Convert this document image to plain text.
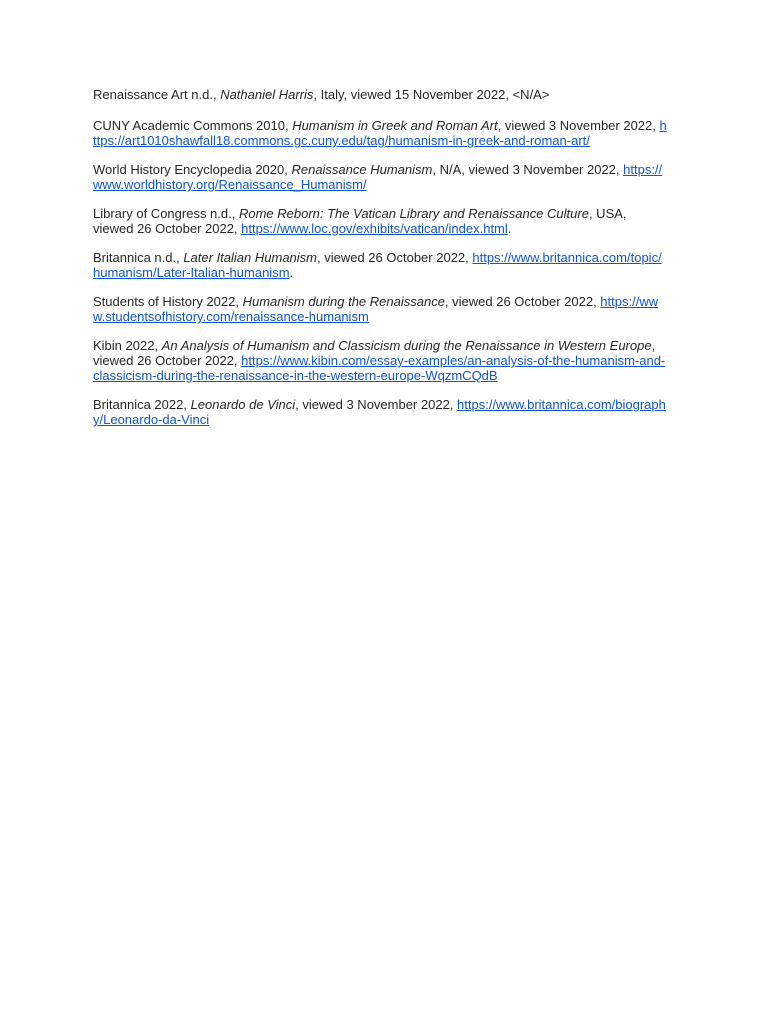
Renaissance Art n.d., Nathaniel Harris, Italy, viewed 15 November 2022, <N/A>

CUNY Academic Commons 2010, Humanism in Greek and Roman Art, viewed 3 November 2022, https://art1010shawfall18.commons.gc.cuny.edu/tag/humanism-in-greek-and-roman-art/

World History Encyclopedia 2020, Renaissance Humanism, N/A, viewed 3 November 2022, https://www.worldhistory.org/Renaissance_Humanism/

Library of Congress n.d., Rome Reborn: The Vatican Library and Renaissance Culture, USA, viewed 26 October 2022, https://www.loc.gov/exhibits/vatican/index.html.

Britannica n.d., Later Italian Humanism, viewed 26 October 2022, https://www.britannica.com/topic/humanism/Later-Italian-humanism.

Students of History 2022, Humanism during the Renaissance, viewed 26 October 2022, https://www.studentsofhistory.com/renaissance-humanism

Kibin 2022, An Analysis of Humanism and Classicism during the Renaissance in Western Europe, viewed 26 October 2022, https://www.kibin.com/essay-examples/an-analysis-of-the-humanism-and-classicism-during-the-renaissance-in-the-western-europe-WqzmCQdB

Britannica 2022, Leonardo de Vinci, viewed 3 November 2022, https://www.britannica.com/biography/Leonardo-da-Vinci
